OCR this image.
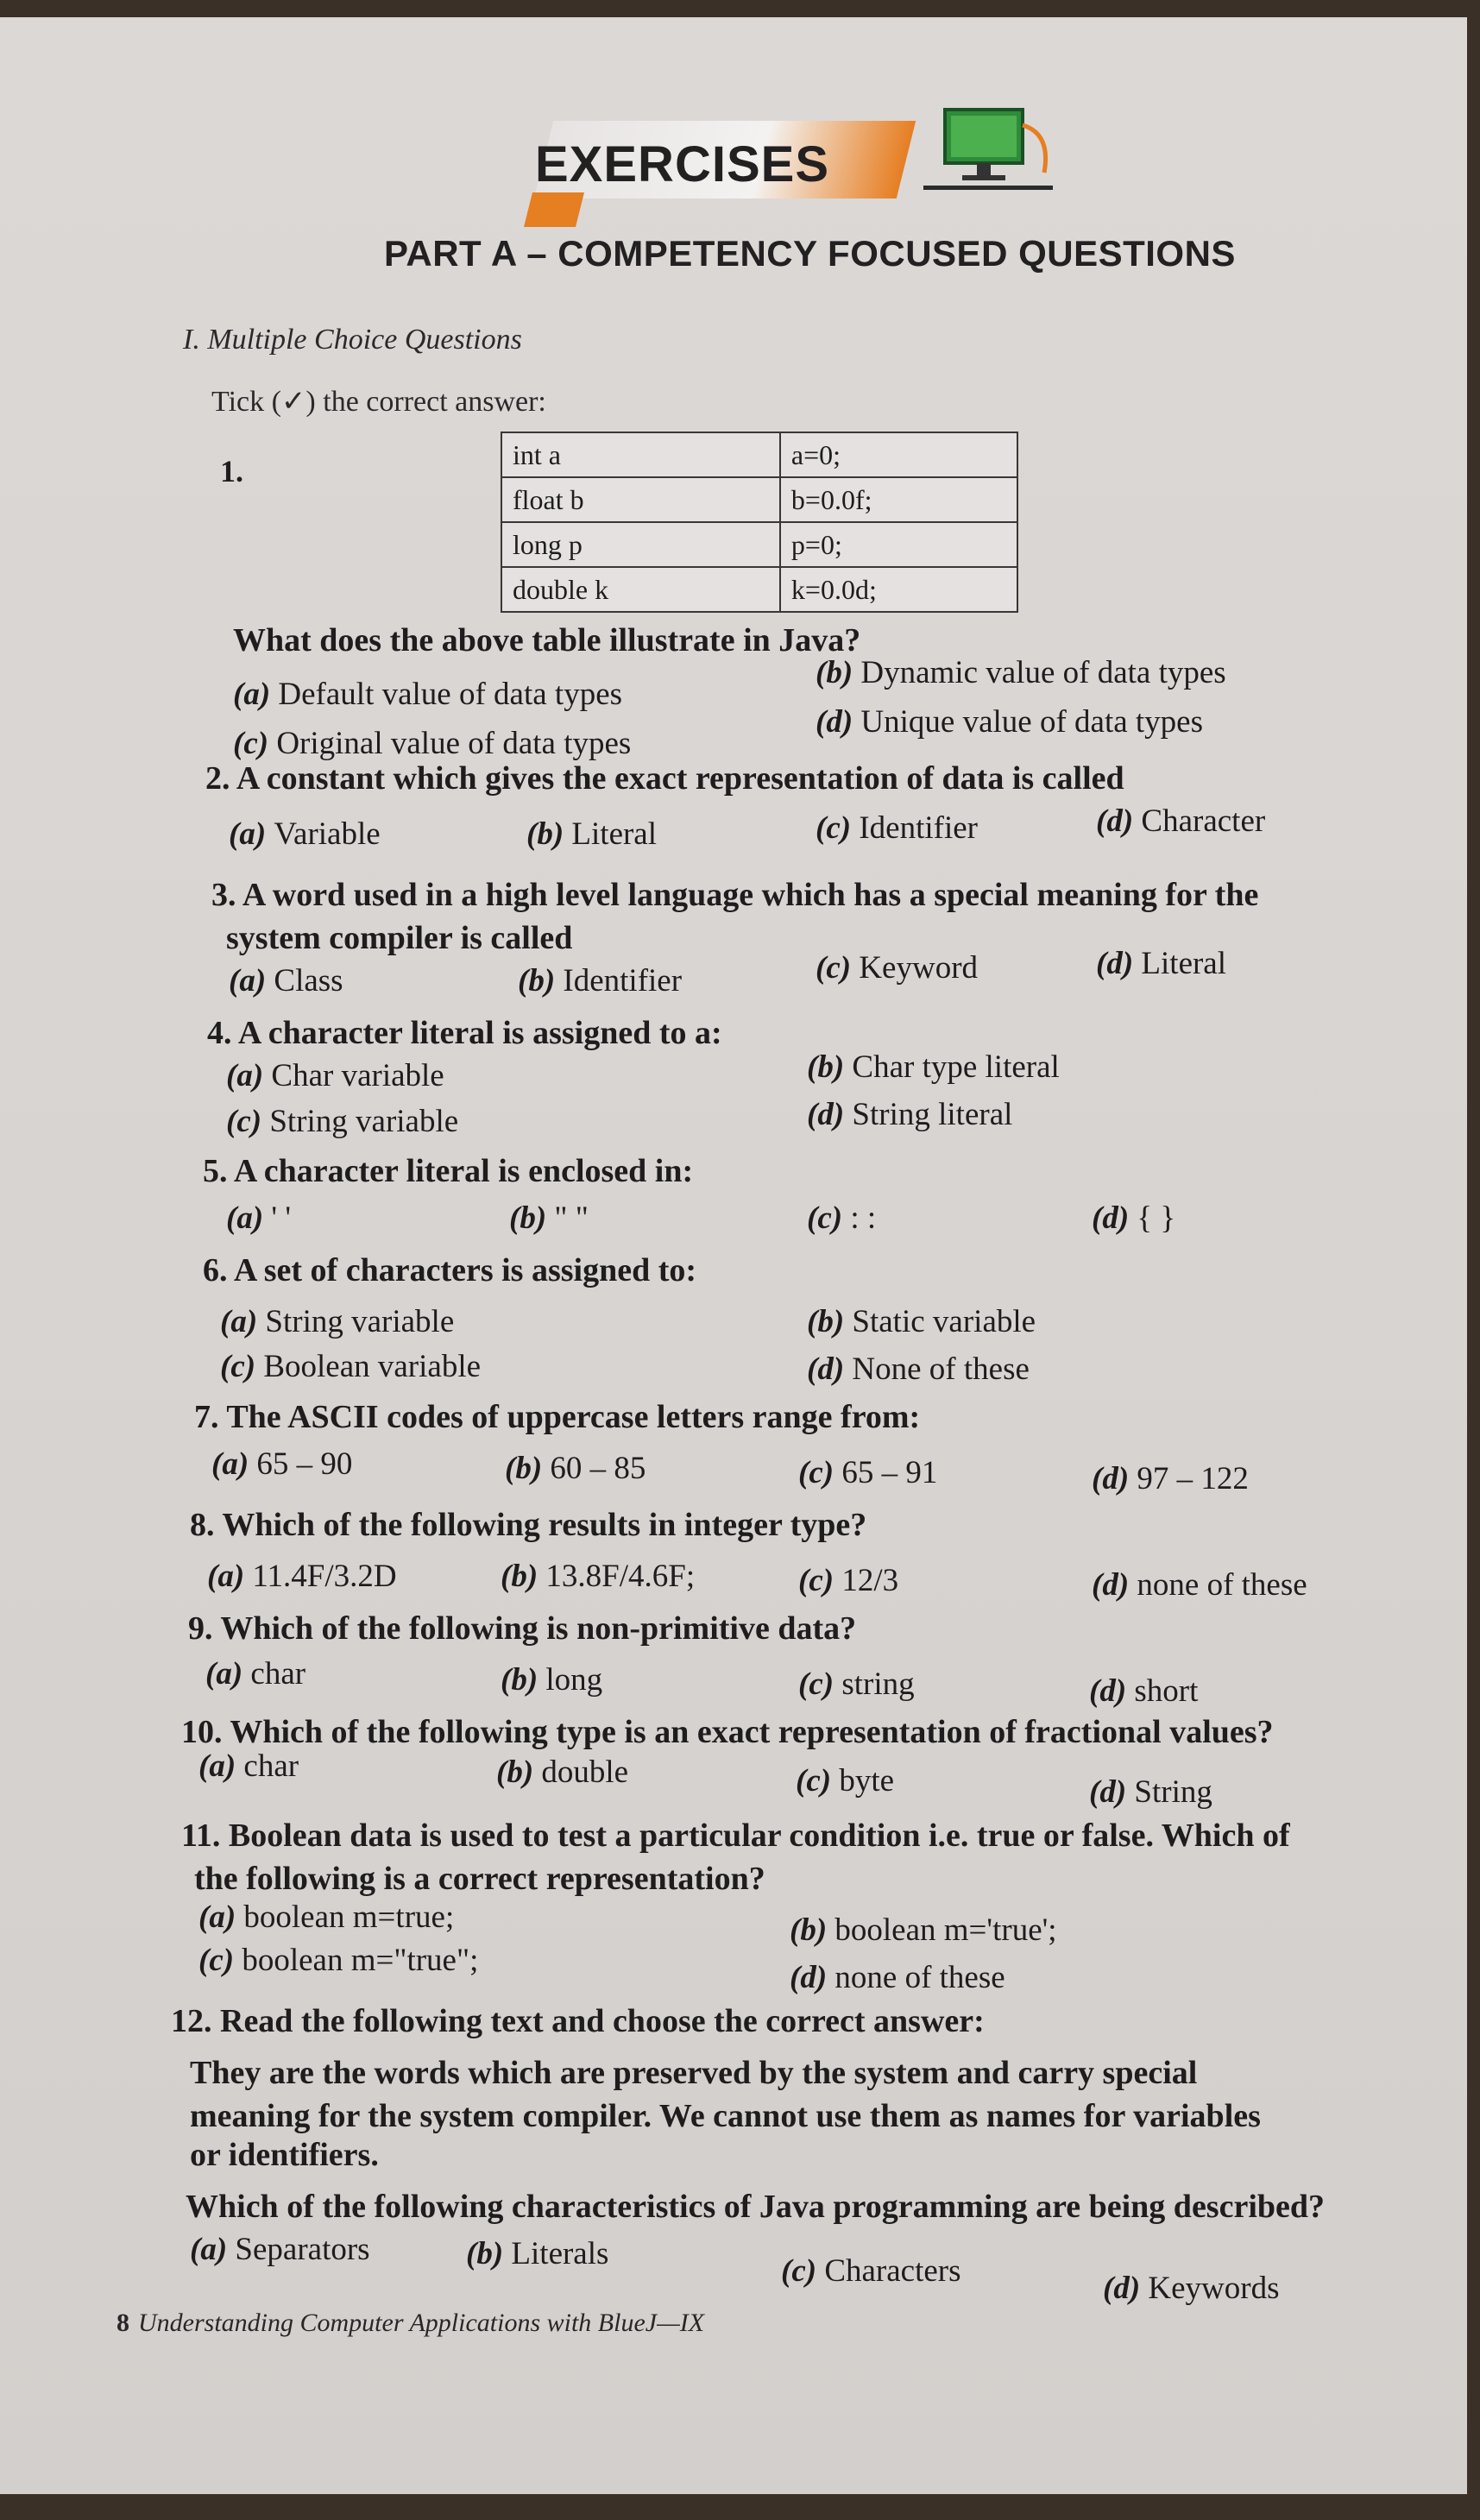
EXERCISES
PART A – COMPETENCY FOCUSED QUESTIONS
I. Multiple Choice Questions
Tick (✓) the correct answer:
1.	int a	a=0;
float b	b=0.0f;
long p	p=0;
double k	k=0.0d;
What does the above table illustrate in Java?
(a) Default value of data types
(b) Dynamic value of data types
(c) Original value of data types
(d) Unique value of data types
2. A constant which gives the exact representation of data is called
(a) Variable	(b) Literal	(c) Identifier	(d) Character
3. A word used in a high level language which has a special meaning for the
system compiler is called
(a) Class	(b) Identifier	(c) Keyword	(d) Literal
4. A character literal is assigned to a:
(a) Char variable	(b) Char type literal
(c) String variable	(d) String literal
5. A character literal is enclosed in:
(a) ' '	(b) " "	(c) : :	(d) { }
6. A set of characters is assigned to:
(a) String variable	(b) Static variable
(c) Boolean variable	(d) None of these
7. The ASCII codes of uppercase letters range from:
(a) 65 – 90	(b) 60 – 85	(c) 65 – 91	(d) 97 – 122
8. Which of the following results in integer type?
(a) 11.4F/3.2D	(b) 13.8F/4.6F;	(c) 12/3	(d) none of these
9. Which of the following is non-primitive data?
(a) char	(b) long	(c) string	(d) short
10. Which of the following type is an exact representation of fractional values?
(a) char	(b) double	(c) byte	(d) String
11. Boolean data is used to test a particular condition i.e. true or false. Which of
the following is a correct representation?
(a) boolean m=true;	(b) boolean m='true';
(c) boolean m="true";	(d) none of these
12. Read the following text and choose the correct answer:
They are the words which are preserved by the system and carry special
meaning for the system compiler. We cannot use them as names for variables
or identifiers.
Which of the following characteristics of Java programming are being described?
(a) Separators	(b) Literals	(c) Characters	(d) Keywords
8 Understanding Computer Applications with BlueJ—IX
